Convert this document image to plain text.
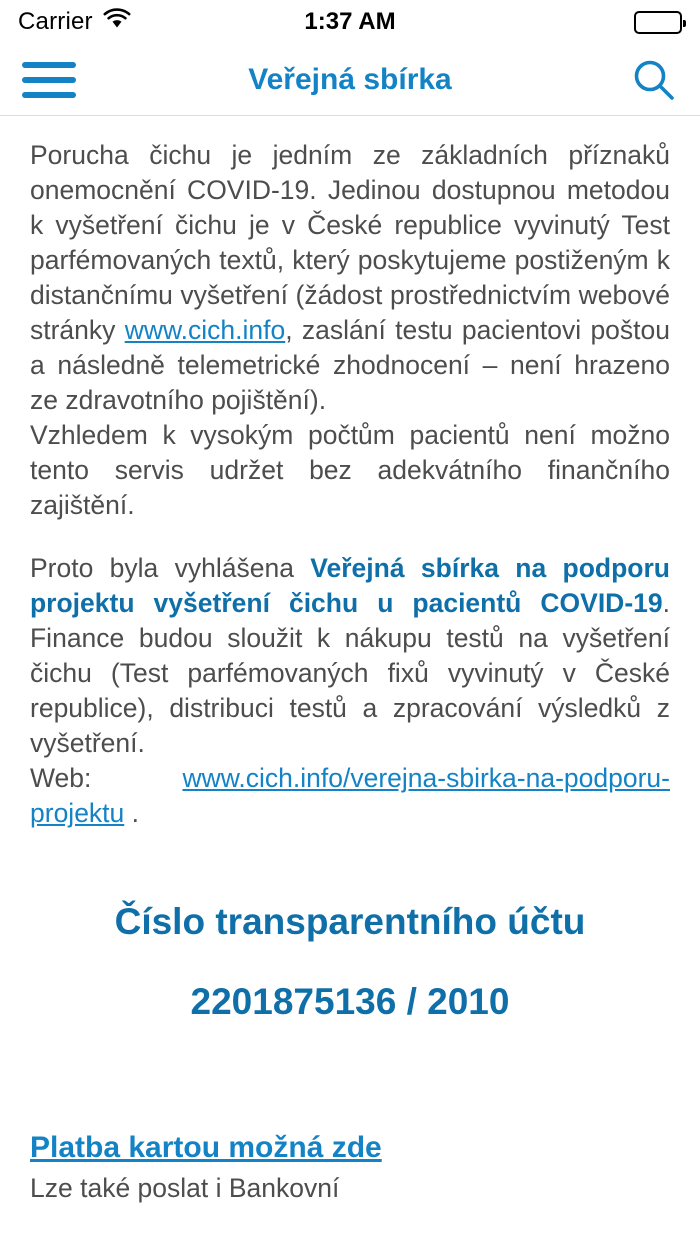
Carrier	1:37 AM
Veřejná sbírka

Porucha čichu je jedním ze základních příznaků onemocnění COVID-19. Jedinou dostupnou metodou k vyšetření čichu je v České republice vyvinutý Test parfémovaných textů, který poskytujeme postiženým k distančnímu vyšetření (žádost prostřednictvím webové stránky www.cich.info, zaslání testu pacientovi poštou a následně telemetrické zhodnocení – není hrazeno ze zdravotního pojištění).

Vzhledem k vysokým počtům pacientů není možno tento servis udržet bez adekvátního finančního zajištění.

Proto byla vyhlášena Veřejná sbírka na podporu projektu vyšetření čichu u pacientů COVID-19. Finance budou sloužit k nákupu testů na vyšetření čichu (Test parfémovaných fixů vyvinutý v České republice), distribuci testů a zpracování výsledků z vyšetření.

Web:	www.cich.info/verejna-sbirka-na-podporu-projektu .

Číslo transparentního účtu
2201875136 / 2010
Platba kartou možná zde

Lze také poslat i Bankovní
